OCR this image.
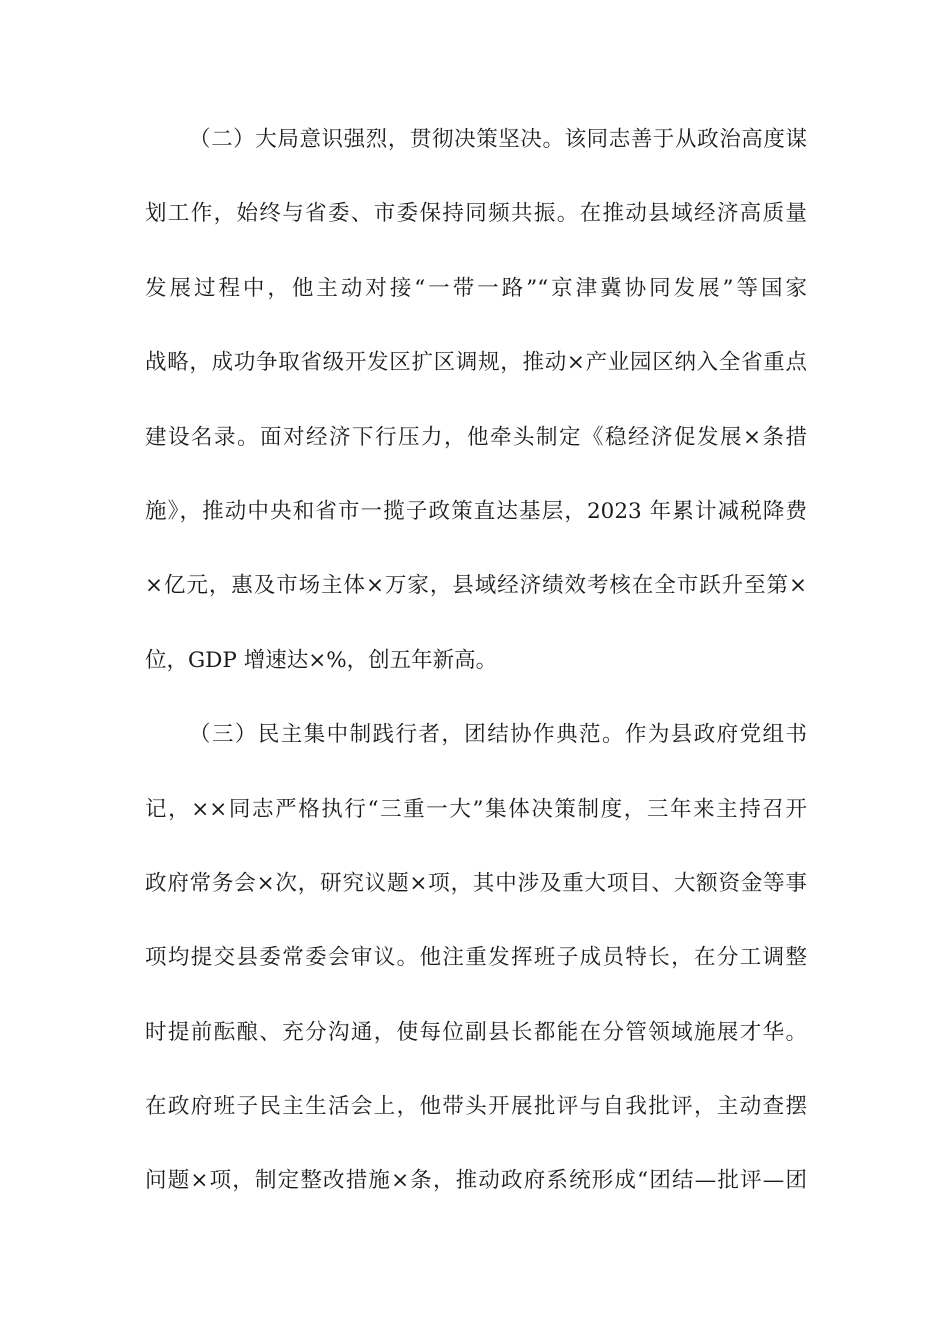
（二）大局意识强烈，贯彻决策坚决。该同志善于从政治高度谋
划工作，始终与省委、市委保持同频共振。在推动县域经济高质量
发展过程中，他主动对接“一带一路”“京津冀协同发展”等国家
战略，成功争取省级开发区扩区调规，推动×产业园区纳入全省重点
建设名录。面对经济下行压力，他牵头制定《稳经济促发展×条措
施》，推动中央和省市一揽子政策直达基层，2023 年累计减税降费
×亿元，惠及市场主体×万家，县域经济绩效考核在全市跃升至第×
位，GDP 增速达×%，创五年新高。
（三）民主集中制践行者，团结协作典范。作为县政府党组书
记，××同志严格执行“三重一大”集体决策制度，三年来主持召开
政府常务会×次，研究议题×项，其中涉及重大项目、大额资金等事
项均提交县委常委会审议。他注重发挥班子成员特长，在分工调整
时提前酝酿、充分沟通，使每位副县长都能在分管领域施展才华。
在政府班子民主生活会上，他带头开展批评与自我批评，主动查摆
问题×项，制定整改措施×条，推动政府系统形成“团结—批评—团
